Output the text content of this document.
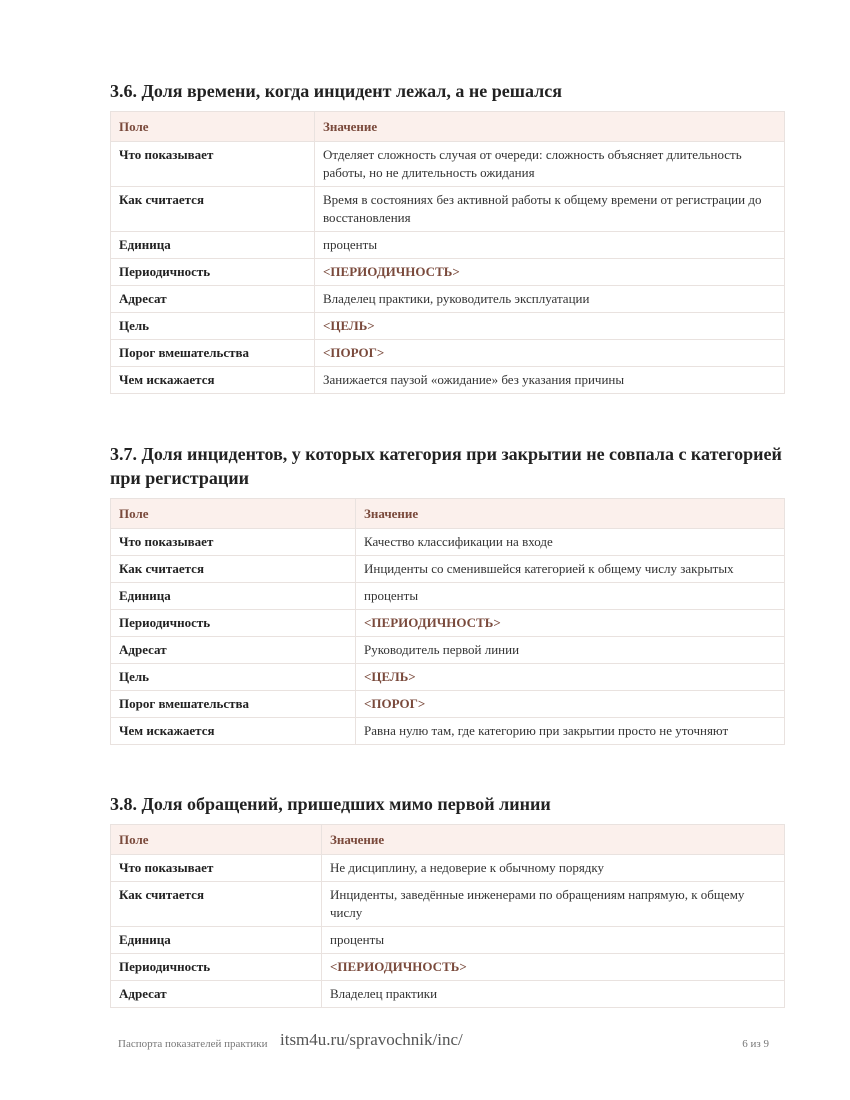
3.6. Доля времени, когда инцидент лежал, а не решался
Поле	Значение
Что показывает	Отделяет сложность случая от очереди: сложность объясняет длительность работы, но не длительность ожидания
Как считается	Время в состояниях без активной работы к общему времени от регистрации до восстановления
Единица	проценты
Периодичность	<ПЕРИОДИЧНОСТЬ>
Адресат	Владелец практики, руководитель эксплуатации
Цель	<ЦЕЛЬ>
Порог вмешательства	<ПОРОГ>
Чем искажается	Занижается паузой «ожидание» без указания причины
3.7. Доля инцидентов, у которых категория при закрытии не совпала с категорией при регистрации
Поле	Значение
Что показывает	Качество классификации на входе
Как считается	Инциденты со сменившейся категорией к общему числу закрытых
Единица	проценты
Периодичность	<ПЕРИОДИЧНОСТЬ>
Адресат	Руководитель первой линии
Цель	<ЦЕЛЬ>
Порог вмешательства	<ПОРОГ>
Чем искажается	Равна нулю там, где категорию при закрытии просто не уточняют
3.8. Доля обращений, пришедших мимо первой линии
Поле	Значение
Что показывает	Не дисциплину, а недоверие к обычному порядку
Как считается	Инциденты, заведённые инженерами по обращениям напрямую, к общему числу
Единица	проценты
Периодичность	<ПЕРИОДИЧНОСТЬ>
Адресат	Владелец практики
Паспорта показателей практики itsm4u.ru/spravochnik/inc/	6 из 9
